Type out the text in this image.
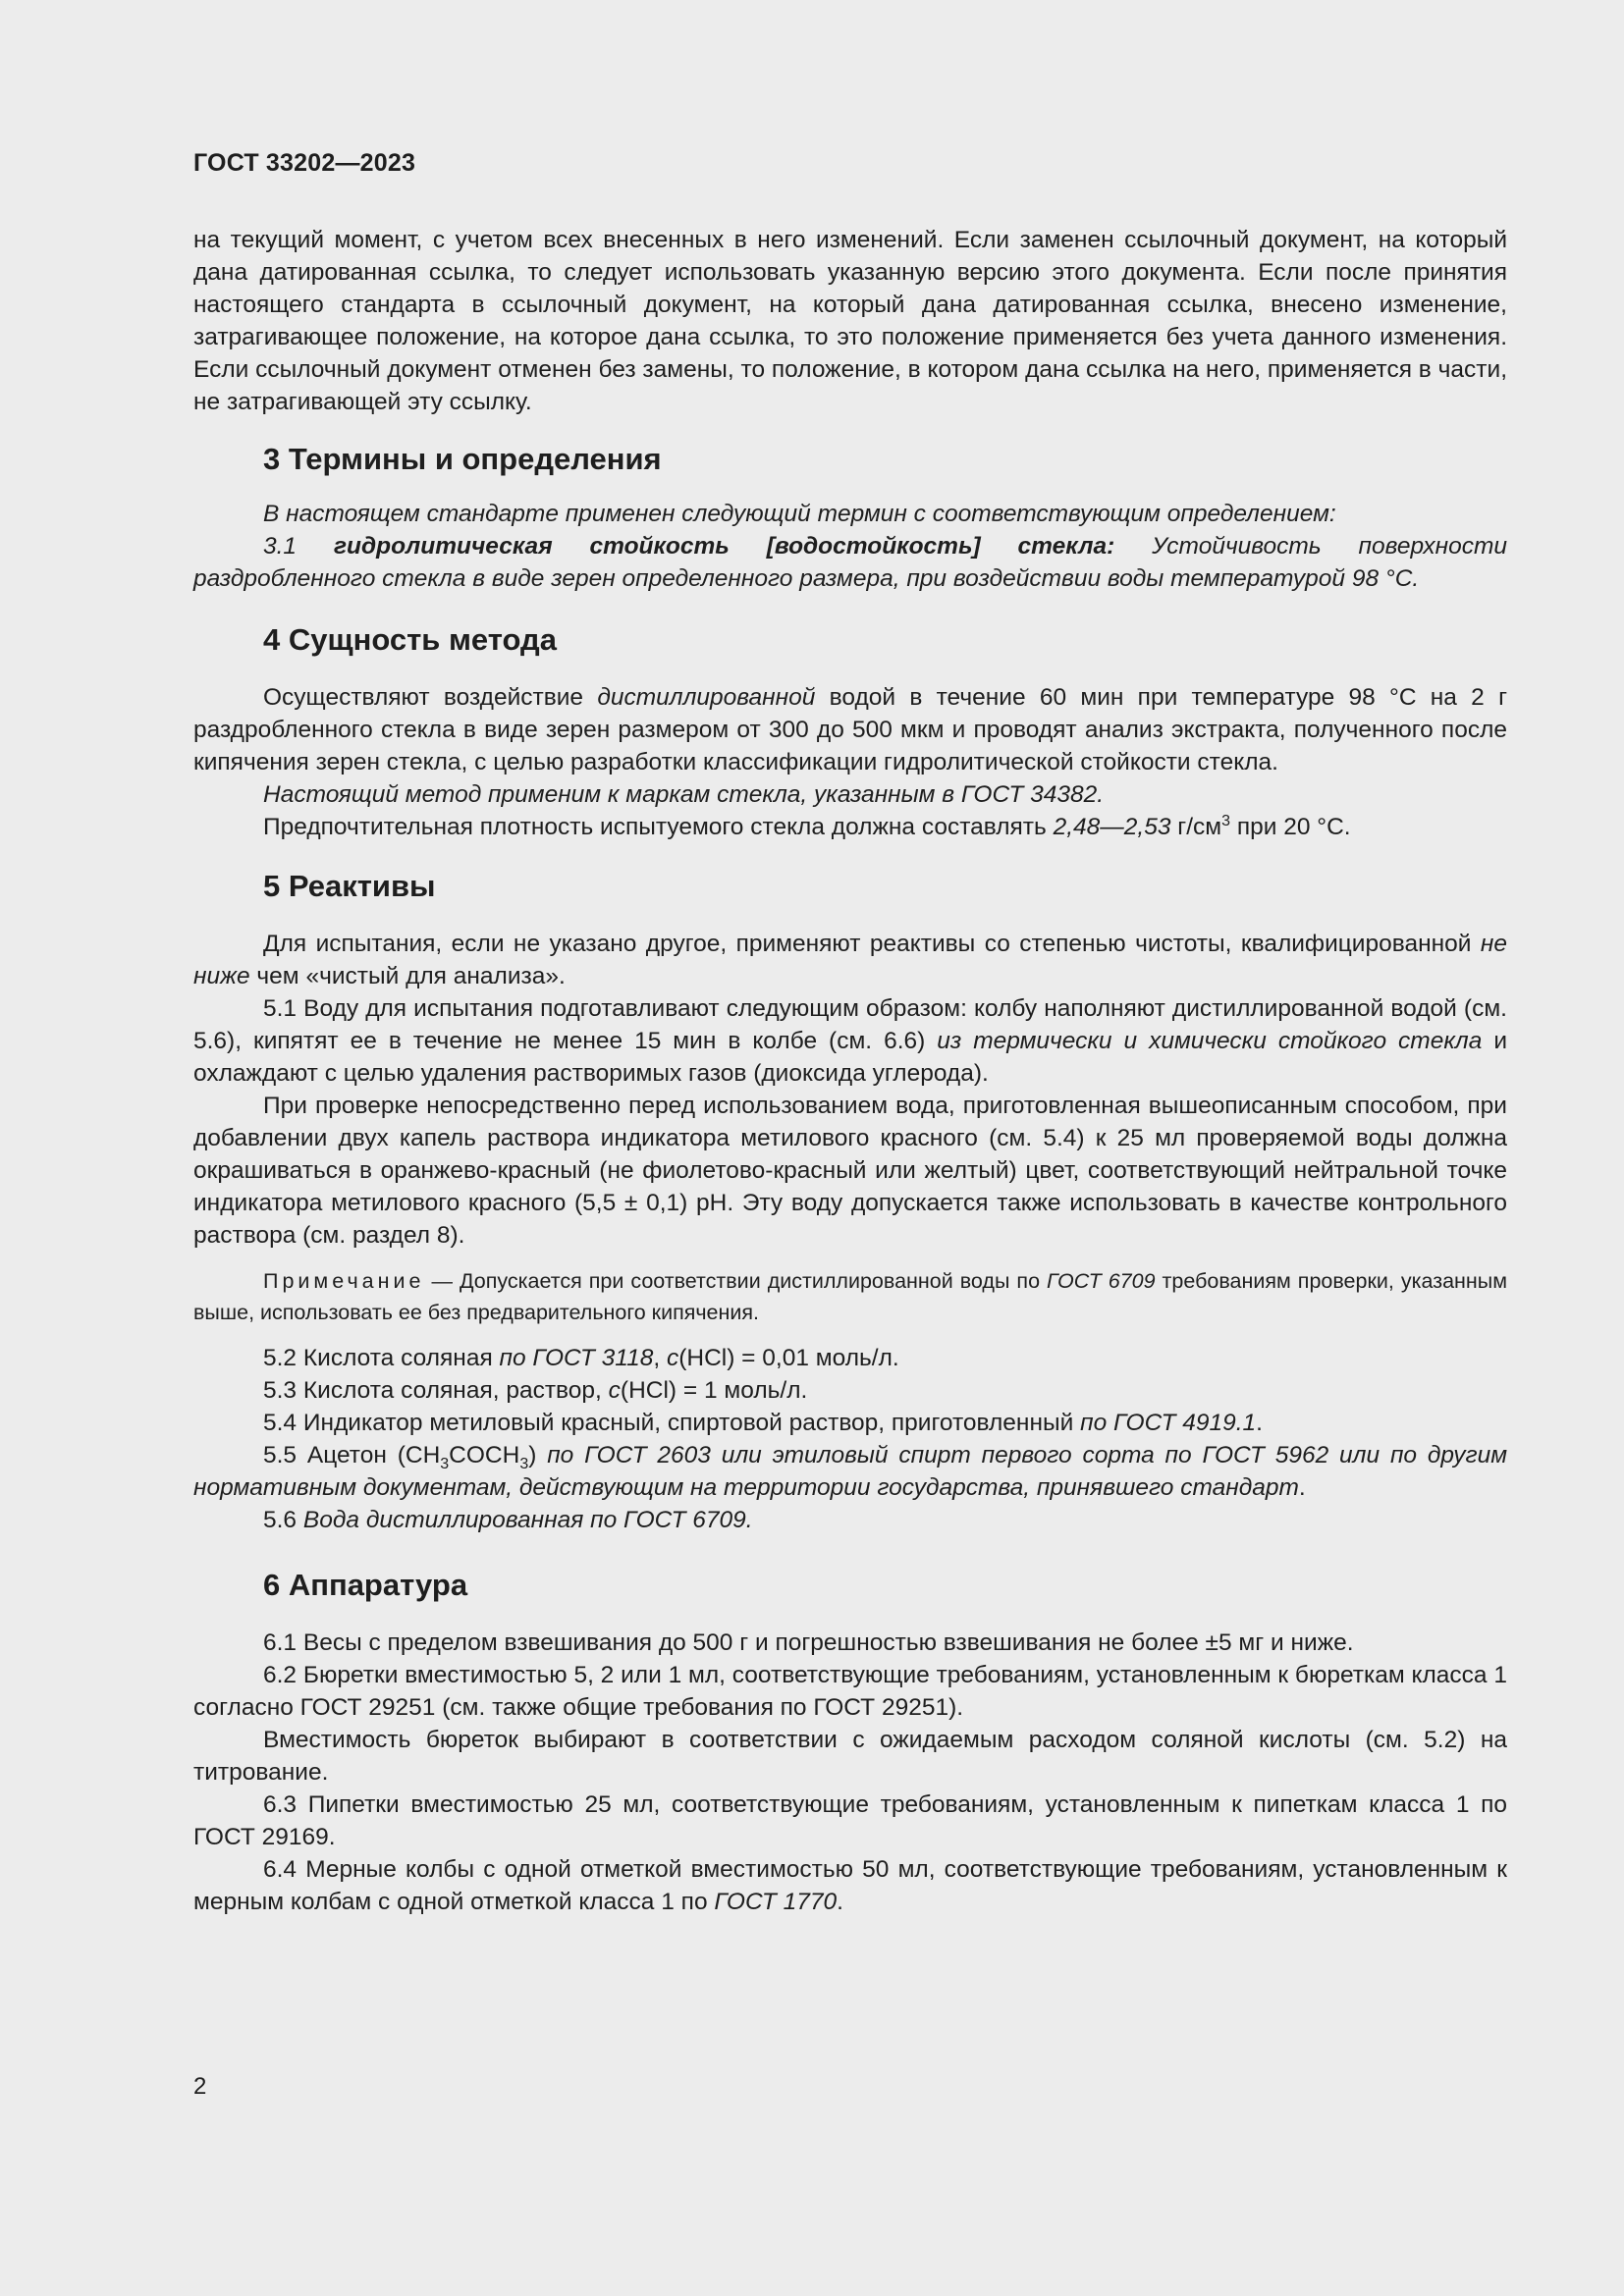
ГОСТ 33202—2023

на текущий момент, с учетом всех внесенных в него изменений. Если заменен ссылочный документ, на который дана датированная ссылка, то следует использовать указанную версию этого документа. Если после принятия настоящего стандарта в ссылочный документ, на который дана датированная ссылка, внесено изменение, затрагивающее положение, на которое дана ссылка, то это положение применяется без учета данного изменения. Если ссылочный документ отменен без замены, то положение, в котором дана ссылка на него, применяется в части, не затрагивающей эту ссылку.

3 Термины и определения

В настоящем стандарте применен следующий термин с соответствующим определением:

3.1 гидролитическая стойкость [водостойкость] стекла: Устойчивость поверхности раздробленного стекла в виде зерен определенного размера, при воздействии воды температурой 98 °С.

4 Сущность метода

Осуществляют воздействие дистиллированной водой в течение 60 мин при температуре 98 °С на 2 г раздробленного стекла в виде зерен размером от 300 до 500 мкм и проводят анализ экстракта, полученного после кипячения зерен стекла, с целью разработки классификации гидролитической стойкости стекла.

Настоящий метод применим к маркам стекла, указанным в ГОСТ 34382.

Предпочтительная плотность испытуемого стекла должна составлять 2,48—2,53 $г/см^3$ при 20 °С.

5 Реактивы

Для испытания, если не указано другое, применяют реактивы со степенью чистоты, квалифицированной не ниже чем «чистый для анализа».

5.1 Воду для испытания подготавливают следующим образом: колбу наполняют дистиллированной водой (см. 5.6), кипятят ее в течение не менее 15 мин в колбе (см. 6.6) из термически и химически стойкого стекла и охлаждают с целью удаления растворимых газов (диоксида углерода).

При проверке непосредственно перед использованием вода, приготовленная вышеописанным способом, при добавлении двух капель раствора индикатора метилового красного (см. 5.4) к 25 мл проверяемой воды должна окрашиваться в оранжево-красный (не фиолетово-красный или желтый) цвет, соответствующий нейтральной точке индикатора метилового красного (5,5 ± 0,1) pH. Эту воду допускается также использовать в качестве контрольного раствора (см. раздел 8).

Примечание — Допускается при соответствии дистиллированной воды по ГОСТ 6709 требованиям проверки, указанным выше, использовать ее без предварительного кипячения.

5.2 Кислота соляная по ГОСТ 3118, с(HCl) = 0,01 моль/л.

5.3 Кислота соляная, раствор, с(HCl) = 1 моль/л.

5.4 Индикатор метиловый красный, спиртовой раствор, приготовленный по ГОСТ 4919.1.

5.5 Ацетон $(CH_3COCH_3)$ по ГОСТ 2603 или этиловый спирт первого сорта по ГОСТ 5962 или по другим нормативным документам, действующим на территории государства, принявшего стандарт.

5.6 Вода дистиллированная по ГОСТ 6709.

6 Аппаратура

6.1 Весы с пределом взвешивания до 500 г и погрешностью взвешивания не более ±5 мг и ниже.

6.2 Бюретки вместимостью 5, 2 или 1 мл, соответствующие требованиям, установленным к бюреткам класса 1 согласно ГОСТ 29251 (см. также общие требования по ГОСТ 29251).

Вместимость бюреток выбирают в соответствии с ожидаемым расходом соляной кислоты (см. 5.2) на титрование.

6.3 Пипетки вместимостью 25 мл, соответствующие требованиям, установленным к пипеткам класса 1 по ГОСТ 29169.

6.4 Мерные колбы с одной отметкой вместимостью 50 мл, соответствующие требованиям, установленным к мерным колбам с одной отметкой класса 1 по ГОСТ 1770.

2
